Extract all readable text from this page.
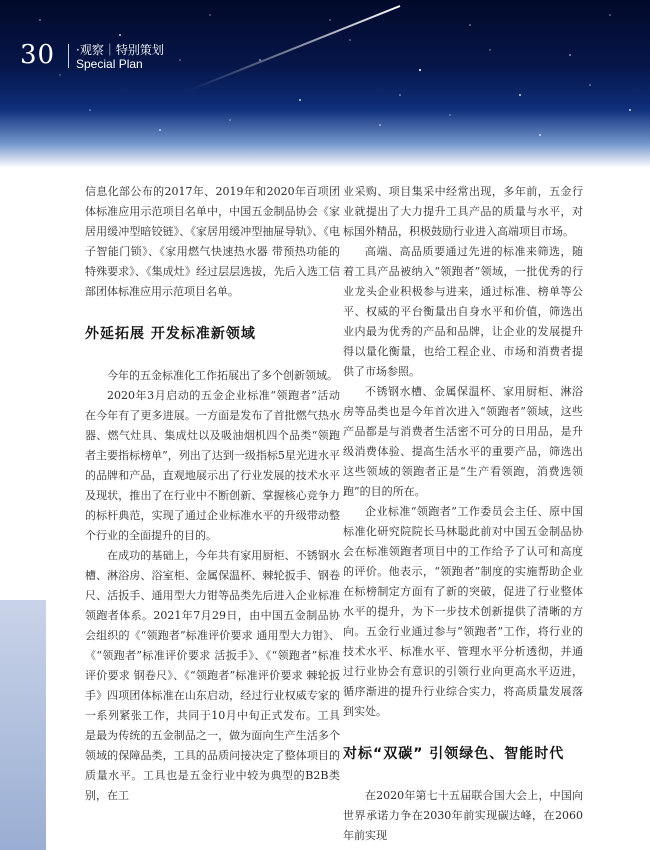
30 ·观察｜特别策划
Special Plan

信息化部公布的2017年、2019年和2020年百项团体标准应用示范项目名单中，中国五金制品协会《家居用缓冲型暗铰链》、《家居用缓冲型抽屉导轨》、《电子智能门锁》、《家用燃气快速热水器 带预热功能的特殊要求》、《集成灶》经过层层选拔，先后入选工信部团体标准应用示范项目名单。

外延拓展 开发标准新领域

今年的五金标准化工作拓展出了多个创新领域。

2020年3月启动的五金企业标准“领跑者”活动在今年有了更多进展。一方面是发布了首批燃气热水器、燃气灶具、集成灶以及吸油烟机四个品类“领跑者主要指标榜单”，列出了达到一级指标5星光进水平的品牌和产品，直观地展示出了行业发展的技术水平及现状，推出了在行业中不断创新、掌握核心竞争力的标杆典范，实现了通过企业标准水平的升级带动整个行业的全面提升的目的。

在成功的基础上，今年共有家用厨柜、不锈钢水槽、淋浴房、浴室柜、金属保温杯、棘轮扳手、钢卷尺、活扳手、通用型大力钳等品类先后进入企业标准领跑者体系。2021年7月29日，由中国五金制品协会组织的《“领跑者”标准评价要求 通用型大力钳》、《“领跑者”标准评价要求 活扳手》、《“领跑者”标准评价要求 钢卷尺》、《“领跑者”标准评价要求 棘轮扳手》四项团体标准在山东启动，经过行业权威专家的一系列紧张工作，共同于10月中旬正式发布。工具是最为传统的五金制品之一，做为面向生产生活多个领域的保障品类，工具的品质问接决定了整体项目的质量水平。工具也是五金行业中较为典型的B2B类别，在工

业采购、项目集采中经常出现，多年前，五金行业就提出了大力提升工具产品的质量与水平，对标国外精品，积极鼓励行业进入高端项目市场。

高端、高品质要通过先进的标准来筛选，随着工具产品被纳入“领跑者”领域，一批优秀的行业龙头企业积极参与进来，通过标准、榜单等公平、权威的平台衡量出自身水平和价值，筛选出业内最为优秀的产品和品牌，让企业的发展提升得以量化衡量，也给工程企业、市场和消费者提供了市场参照。

不锈钢水槽、金属保温杯、家用厨柜、淋浴房等品类也是今年首次进入“领跑者”领域，这些产品都是与消费者生活密不可分的日用品，是升级消费体验、提高生活水平的重要产品，筛选出这些领域的领跑者正是“生产看领跑，消费选领跑”的目的所在。

企业标准“领跑者”工作委员会主任、原中国标准化研究院院长马林聪此前对中国五金制品协会在标准领跑者项目中的工作给予了认可和高度的评价。他表示，“领跑者”制度的实施帮助企业在标榜制定方面有了新的突破，促进了行业整体水平的提升，为下一步技术创新提供了清晰的方向。五金行业通过参与“领跑者”工作，将行业的技术水平、标准水平、管理水平分析透彻，并通过行业协会有意识的引领行业向更高水平迈进，循序渐进的提升行业综合实力，将高质量发展落到实处。

对标“双碳” 引领绿色、智能时代

在2020年第七十五届联合国大会上，中国向世界承诺力争在2030年前实现碳达峰，在2060年前实现
